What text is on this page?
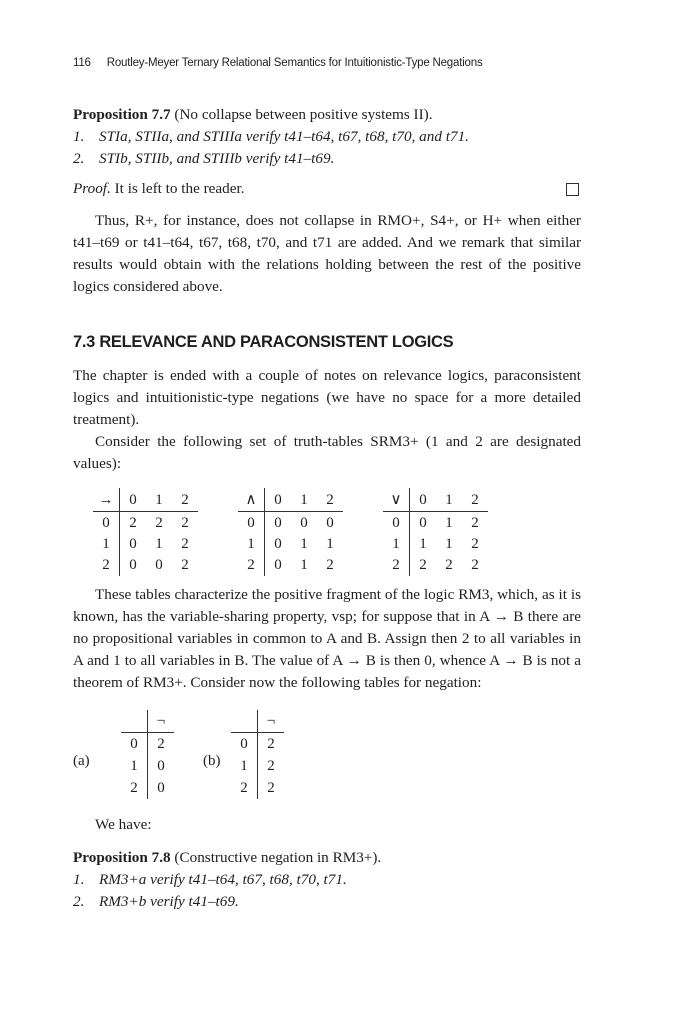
116 Routley-Meyer Ternary Relational Semantics for Intuitionistic-Type Negations

Proposition 7.7 (No collapse between positive systems II).

1. STIa, STIIa, and STIIIa verify t41–t64, t67, t68, t70, and t71.
2. STIb, STIIb, and STIIIb verify t41–t69.
Proof. It is left to the reader.

Thus, R+, for instance, does not collapse in RMO+, S4+, or H+ when either t41–t69 or t41–t64, t67, t68, t70, and t71 are added. And we remark that similar results would obtain with the relations holding between the rest of the positive logics considered above.

7.3 RELEVANCE AND PARACONSISTENT LOGICS

The chapter is ended with a couple of notes on relevance logics, paraconsistent logics and intuitionistic-type negations (we have no space for a more detailed treatment).

Consider the following set of truth-tables SRM3+ (1 and 2 are designated values):

→	0	1	2
0	2	2	2
1	0	1	2
2	0	0	2
∧	0	1	2
0	0	0	0
1	0	1	1
2	0	1	2
∨	0	1	2
0	0	1	2
1	1	1	2
2	2	2	2

These tables characterize the positive fragment of the logic RM3, which, as it is known, has the variable-sharing property, vsp; for suppose that in A → B there are no propositional variables in common to A and B. Assign then 2 to all variables in A and 1 to all variables in B. The value of A → B is then 0, whence A → B is not a theorem of RM3+. Consider now the following tables for negation:

(a)
	¬
0	2
1	0
2	0
(b)
	¬
0	2
1	2
2	2

We have:

Proposition 7.8 (Constructive negation in RM3+).

1. RM3+a verify t41–t64, t67, t68, t70, t71.
2. RM3+b verify t41–t69.
